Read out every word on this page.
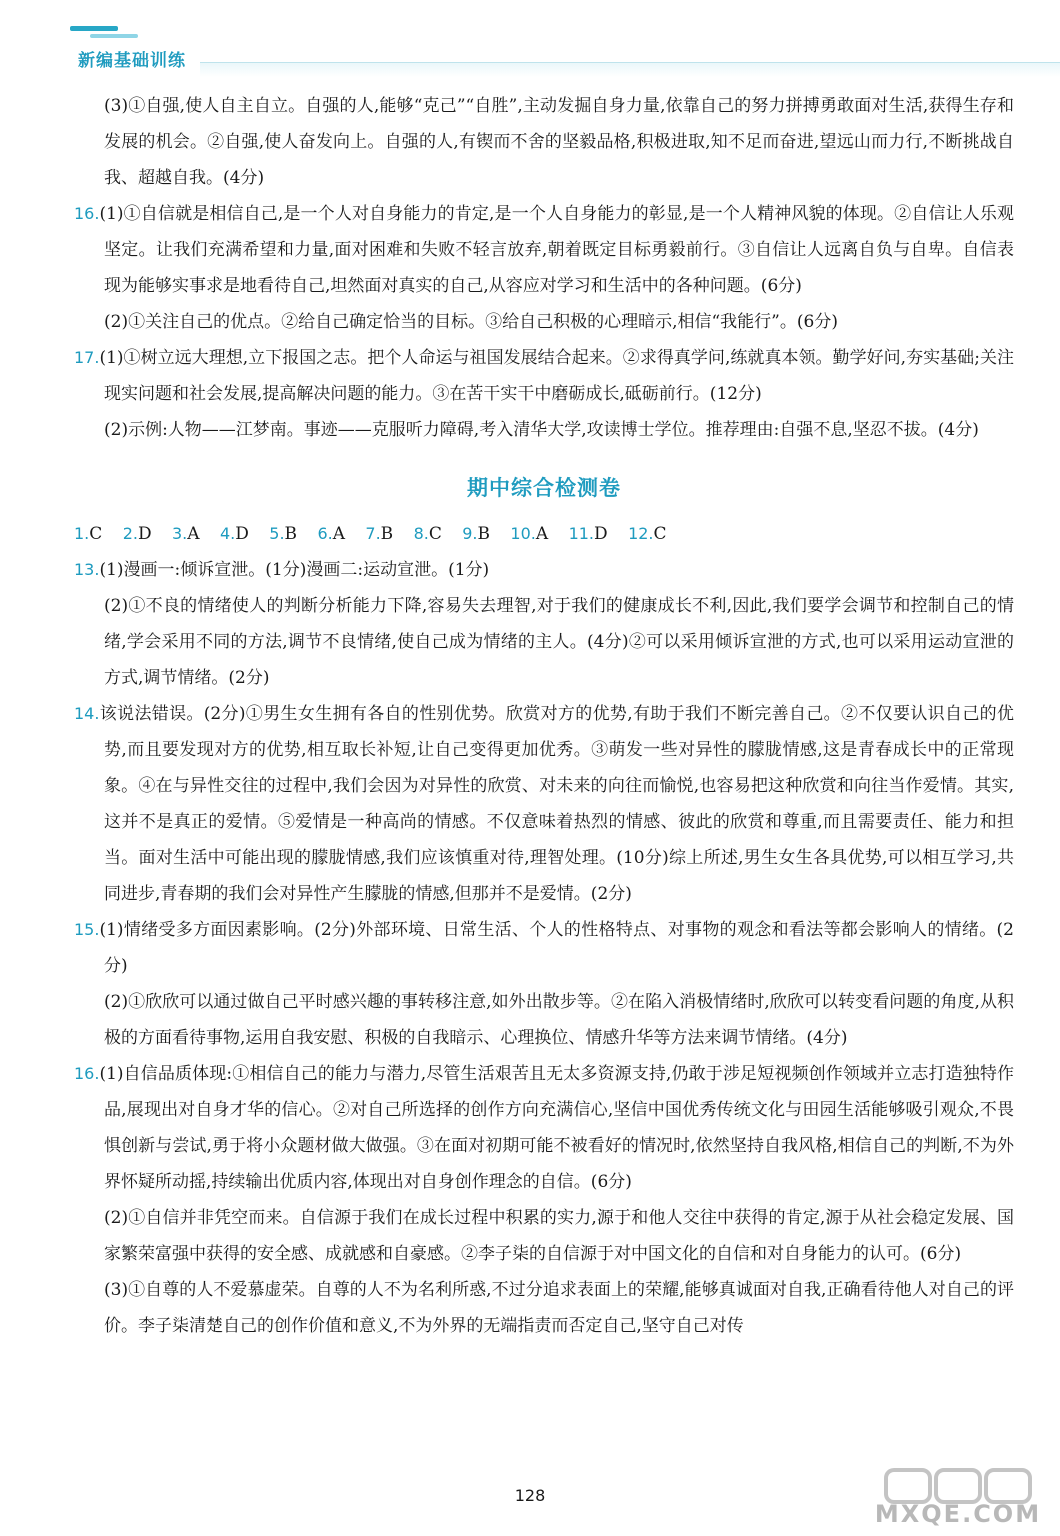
新编基础训练

(3)①自强,使人自主自立。自强的人,能够“克己”“自胜”,主动发掘自身力量,依靠自己的努力拼搏勇敢面对生活,获得生存和发展的机会。②自强,使人奋发向上。自强的人,有锲而不舍的坚毅品格,积极进取,知不足而奋进,望远山而力行,不断挑战自我、超越自我。(4分)

16.(1)①自信就是相信自己,是一个人对自身能力的肯定,是一个人自身能力的彰显,是一个人精神风貌的体现。②自信让人乐观坚定。让我们充满希望和力量,面对困难和失败不轻言放弃,朝着既定目标勇毅前行。③自信让人远离自负与自卑。自信表现为能够实事求是地看待自己,坦然面对真实的自己,从容应对学习和生活中的各种问题。(6分)

(2)①关注自己的优点。②给自己确定恰当的目标。③给自己积极的心理暗示,相信“我能行”。(6分)

17.(1)①树立远大理想,立下报国之志。把个人命运与祖国发展结合起来。②求得真学问,练就真本领。勤学好问,夯实基础;关注现实问题和社会发展,提高解决问题的能力。③在苦干实干中磨砺成长,砥砺前行。(12分)

(2)示例:人物——江梦南。事迹——克服听力障碍,考入清华大学,攻读博士学位。推荐理由:自强不息,坚忍不拔。(4分)

期中综合检测卷
1.C 2.D 3.A 4.D 5.B 6.A 7.B 8.C 9.B 10.A 11.D 12.C

13.(1)漫画一:倾诉宣泄。(1分)漫画二:运动宣泄。(1分)

(2)①不良的情绪使人的判断分析能力下降,容易失去理智,对于我们的健康成长不利,因此,我们要学会调节和控制自己的情绪,学会采用不同的方法,调节不良情绪,使自己成为情绪的主人。(4分)②可以采用倾诉宣泄的方式,也可以采用运动宣泄的方式,调节情绪。(2分)

14.该说法错误。(2分)①男生女生拥有各自的性别优势。欣赏对方的优势,有助于我们不断完善自己。②不仅要认识自己的优势,而且要发现对方的优势,相互取长补短,让自己变得更加优秀。③萌发一些对异性的朦胧情感,这是青春成长中的正常现象。④在与异性交往的过程中,我们会因为对异性的欣赏、对未来的向往而愉悦,也容易把这种欣赏和向往当作爱情。其实,这并不是真正的爱情。⑤爱情是一种高尚的情感。不仅意味着热烈的情感、彼此的欣赏和尊重,而且需要责任、能力和担当。面对生活中可能出现的朦胧情感,我们应该慎重对待,理智处理。(10分)综上所述,男生女生各具优势,可以相互学习,共同进步,青春期的我们会对异性产生朦胧的情感,但那并不是爱情。(2分)

15.(1)情绪受多方面因素影响。(2分)外部环境、日常生活、个人的性格特点、对事物的观念和看法等都会影响人的情绪。(2分)

(2)①欣欣可以通过做自己平时感兴趣的事转移注意,如外出散步等。②在陷入消极情绪时,欣欣可以转变看问题的角度,从积极的方面看待事物,运用自我安慰、积极的自我暗示、心理换位、情感升华等方法来调节情绪。(4分)

16.(1)自信品质体现:①相信自己的能力与潜力,尽管生活艰苦且无太多资源支持,仍敢于涉足短视频创作领域并立志打造独特作品,展现出对自身才华的信心。②对自己所选择的创作方向充满信心,坚信中国优秀传统文化与田园生活能够吸引观众,不畏惧创新与尝试,勇于将小众题材做大做强。③在面对初期可能不被看好的情况时,依然坚持自我风格,相信自己的判断,不为外界怀疑所动摇,持续输出优质内容,体现出对自身创作理念的自信。(6分)

(2)①自信并非凭空而来。自信源于我们在成长过程中积累的实力,源于和他人交往中获得的肯定,源于从社会稳定发展、国家繁荣富强中获得的安全感、成就感和自豪感。②李子柒的自信源于对中国文化的自信和对自身能力的认可。(6分)

(3)①自尊的人不爱慕虚荣。自尊的人不为名利所惑,不过分追求表面上的荣耀,能够真诚面对自我,正确看待他人对自己的评价。李子柒清楚自己的创作价值和意义,不为外界的无端指责而否定自己,坚守自己对传

128
MXQE.COM
